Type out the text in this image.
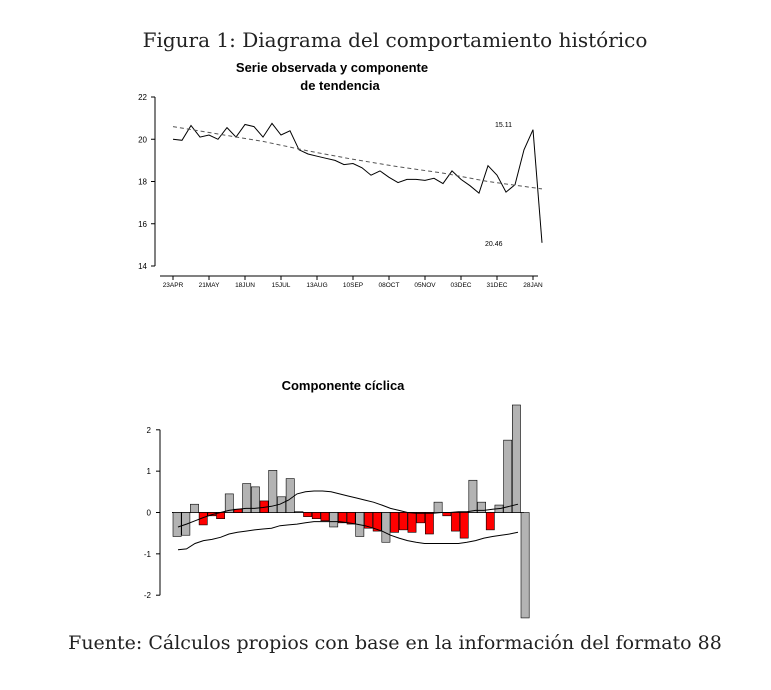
Figura 1: Diagrama del comportamiento histórico
Serie observada y componente
de tendencia
14
16
18
20
22
23APR 21MAY 18JUN	15JUL 13AUG 10SEP 08OCT 05NOV 03DEC 31DEC 28JAN
15.11
20.46
Componente cíclica
-2
-1
0
1
2
Fuente: Cálculos propios con base en la información del formato 88
